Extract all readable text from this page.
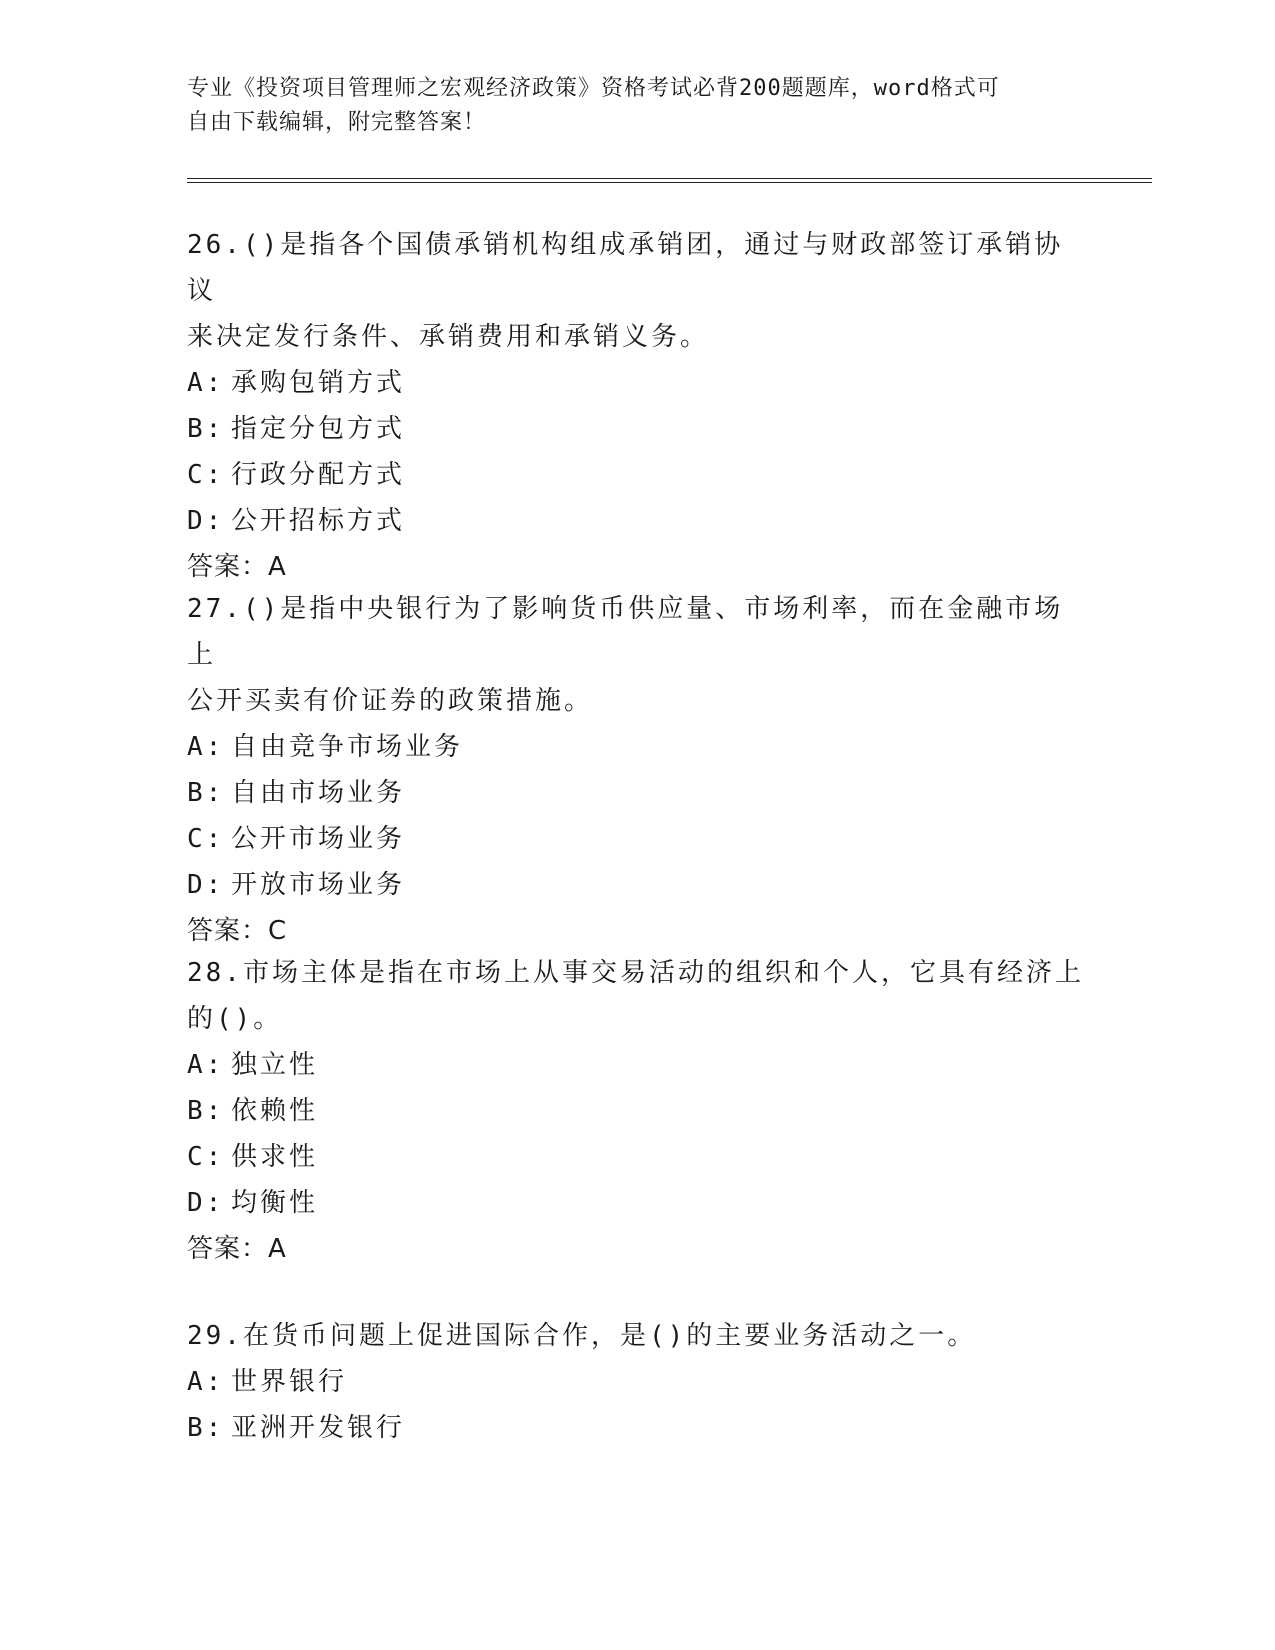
专业《投资项目管理师之宏观经济政策》资格考试必背200题题库，word格式可
自由下载编辑，附完整答案！
26.()是指各个国债承销机构组成承销团，通过与财政部签订承销协议
来决定发行条件、承销费用和承销义务。
A: 承购包销方式
B: 指定分包方式
C: 行政分配方式
D: 公开招标方式
答案：A
27.()是指中央银行为了影响货币供应量、市场利率，而在金融市场上
公开买卖有价证券的政策措施。
A: 自由竞争市场业务
B: 自由市场业务
C: 公开市场业务
D: 开放市场业务
答案：C
28.市场主体是指在市场上从事交易活动的组织和个人，它具有经济上
的()。
A: 独立性
B: 依赖性
C: 供求性
D: 均衡性
答案：A
29.在货币问题上促进国际合作，是()的主要业务活动之一。
A: 世界银行
B: 亚洲开发银行
